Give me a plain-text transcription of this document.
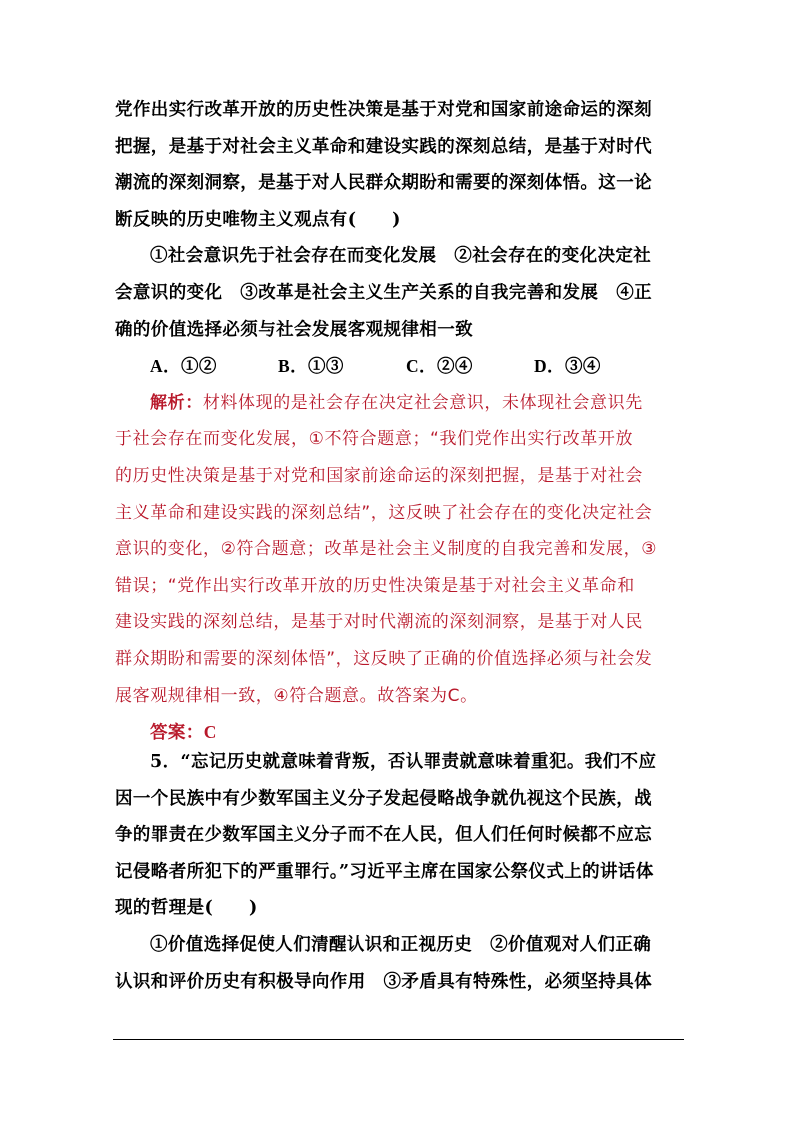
党作出实行改革开放的历史性决策是基于对党和国家前途命运的深刻
把握，是基于对社会主义革命和建设实践的深刻总结，是基于对时代
潮流的深刻洞察，是基于对人民群众期盼和需要的深刻体悟。这一论
断反映的历史唯物主义观点有(　　)

①社会意识先于社会存在而变化发展　②社会存在的变化决定社
会意识的变化　③改革是社会主义生产关系的自我完善和发展　④正
确的价值选择必须与社会发展客观规律相一致

A．①②	B．①③	C．②④	D．③④

解析：材料体现的是社会存在决定社会意识，未体现社会意识先
于社会存在而变化发展，①不符合题意；“我们党作出实行改革开放
的历史性决策是基于对党和国家前途命运的深刻把握，是基于对社会
主义革命和建设实践的深刻总结”，这反映了社会存在的变化决定社会
意识的变化，②符合题意；改革是社会主义制度的自我完善和发展，③
错误；“党作出实行改革开放的历史性决策是基于对社会主义革命和
建设实践的深刻总结，是基于对时代潮流的深刻洞察，是基于对人民
群众期盼和需要的深刻体悟”，这反映了正确的价值选择必须与社会发
展客观规律相一致，④符合题意。故答案为C。

答案：C

5．“忘记历史就意味着背叛，否认罪责就意味着重犯。我们不应
因一个民族中有少数军国主义分子发起侵略战争就仇视这个民族，战
争的罪责在少数军国主义分子而不在人民，但人们任何时候都不应忘
记侵略者所犯下的严重罪行。”习近平主席在国家公祭仪式上的讲话体
现的哲理是(　　)

①价值选择促使人们清醒认识和正视历史　②价值观对人们正确
认识和评价历史有积极导向作用　③矛盾具有特殊性，必须坚持具体
